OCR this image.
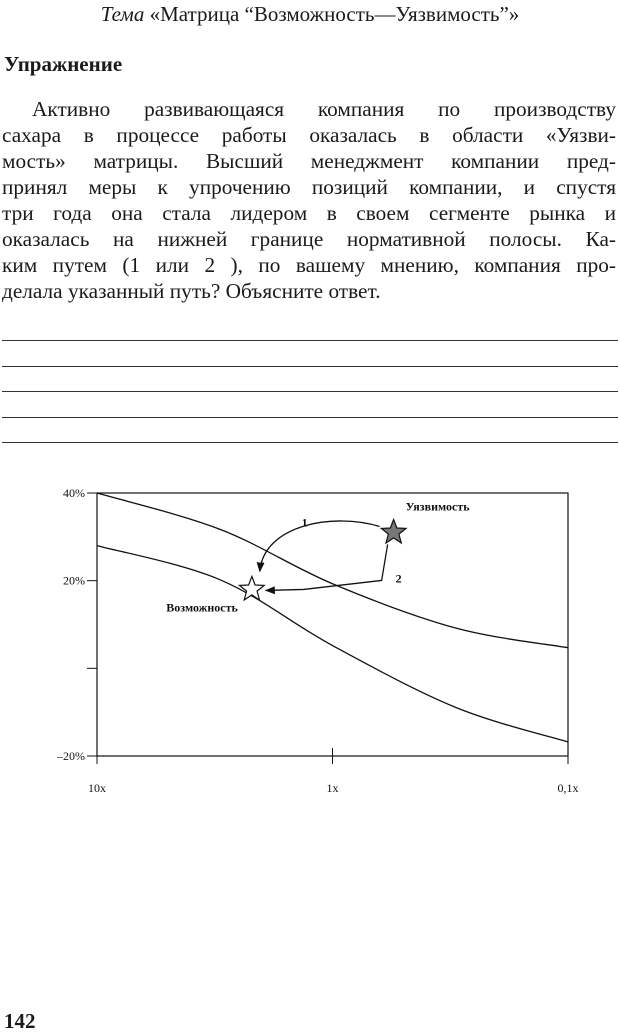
Тема «Матрица “Возможность—Уязвимость”»
Упражнение
Активно развивающаяся компания по производству
сахара в процессе работы оказалась в области «Уязви-
мость» матрицы. Высший менеджмент компании пред-
принял меры к упрочению позиций компании, и спустя
три года она стала лидером в своем сегменте рынка и
оказалась на нижней границе нормативной полосы. Ка-
ким путем (1 или 2 ), по вашему мнению, компания про-
делала указанный путь? Объясните ответ.
40%
20%
–20%
10x	1x	0,1x
Уязвимость
Возможность
1
2
142
